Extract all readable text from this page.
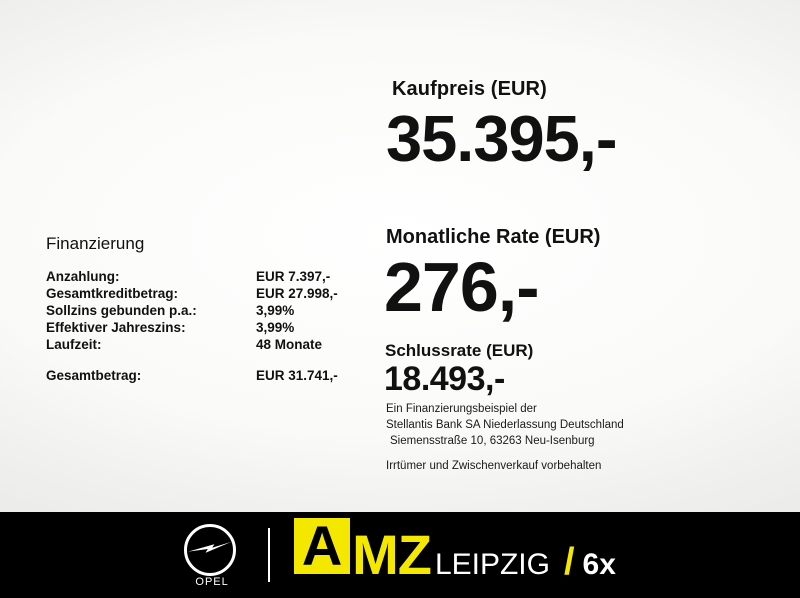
Finanzierung
Anzahlung:	EUR 7.397,-
Gesamtkreditbetrag:	EUR 27.998,-
Sollzins gebunden p.a.:	3,99%
Effektiver Jahreszins:	3,99%
Laufzeit:	48 Monate

Gesamtbetrag:	EUR 31.741,-
Kaufpreis (EUR)
35.395,-
Monatliche Rate (EUR)
276,-
Schlussrate (EUR)
18.493,-
Ein Finanzierungsbeispiel der
Stellantis Bank SA Niederlassung Deutschland
Siemensstraße 10, 63263 Neu-Isenburg
Irrtümer und Zwischenverkauf vorbehalten
OPEL
A MZ LEIPZIG / 6x
